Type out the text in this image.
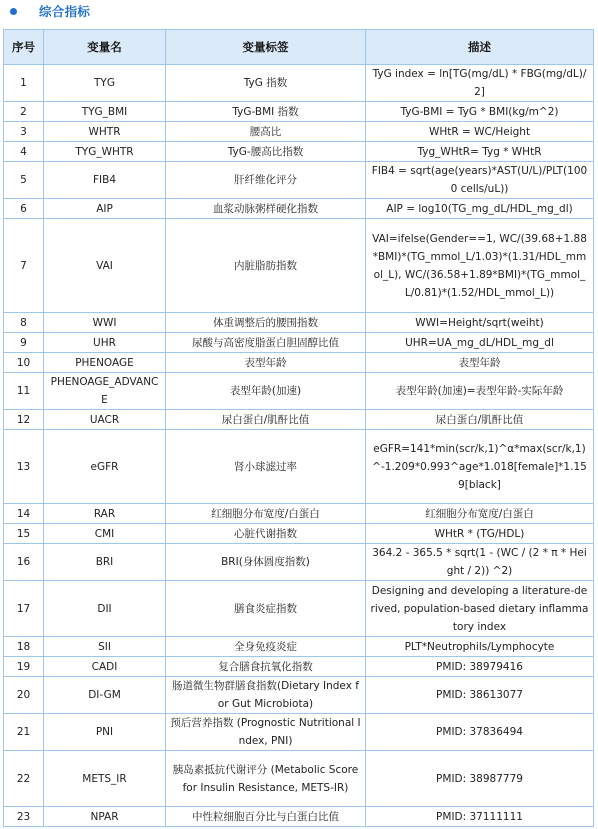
综合指标
序号	变量名	变量标签	描述
1	TYG	TyG 指数	TyG index = ln[TG(mg/dL) * FBG(mg/dL)/2]
2	TYG_BMI	TyG-BMI 指数	TyG-BMI = TyG * BMI(kg/m^2)
3	WHTR	腰高比	WHtR = WC/Height
4	TYG_WHTR	TyG-腰高比指数	Tyg_WHtR= Tyg * WHtR
5	FIB4	肝纤维化评分	FIB4 = sqrt(age(years)*AST(U/L)/PLT(1000 cells/uL))
6	AIP	血浆动脉粥样硬化指数	AIP = log10(TG_mg_dL/HDL_mg_dl)
7	VAI	内脏脂肪指数	VAI=ifelse(Gender==1, WC/(39.68+1.88*BMI)*(TG_mmol_L/1.03)*(1.31/HDL_mmol_L), WC/(36.58+1.89*BMI)*(TG_mmol_L/0.81)*(1.52/HDL_mmol_L))
8	WWI	体重调整后的腰围指数	WWI=Height/sqrt(weiht)
9	UHR	尿酸与高密度脂蛋白胆固醇比值	UHR=UA_mg_dL/HDL_mg_dl
10	PHENOAGE	表型年龄	表型年龄
11	PHENOAGE_ADVANCE	表型年龄(加速)	表型年龄(加速)=表型年龄-实际年龄
12	UACR	尿白蛋白/肌酐比值	尿白蛋白/肌酐比值
13	eGFR	肾小球滤过率	eGFR=141*min(scr/k,1)^α*max(scr/k,1)^-1.209*0.993^age*1.018[female]*1.159[black]
14	RAR	红细胞分布宽度/白蛋白	红细胞分布宽度/白蛋白
15	CMI	心脏代谢指数	WHtR * (TG/HDL)
16	BRI	BRI(身体圆度指数)	364.2 - 365.5 * sqrt(1 - (WC / (2 * π * Height / 2)) ^2)
17	DII	膳食炎症指数	Designing and developing a literature-derived, population-based dietary inflammatory index
18	SII	全身免疫炎症	PLT*Neutrophils/Lymphocyte
19	CADI	复合膳食抗氧化指数	PMID: 38979416
20	DI-GM	肠道微生物群膳食指数(Dietary Index for Gut Microbiota)	PMID: 38613077
21	PNI	预后营养指数 (Prognostic Nutritional Index, PNI)	PMID: 37836494
22	METS_IR	胰岛素抵抗代谢评分 (Metabolic Score for Insulin Resistance, METS-IR)	PMID: 38987779
23	NPAR	中性粒细胞百分比与白蛋白比值	PMID: 37111111
